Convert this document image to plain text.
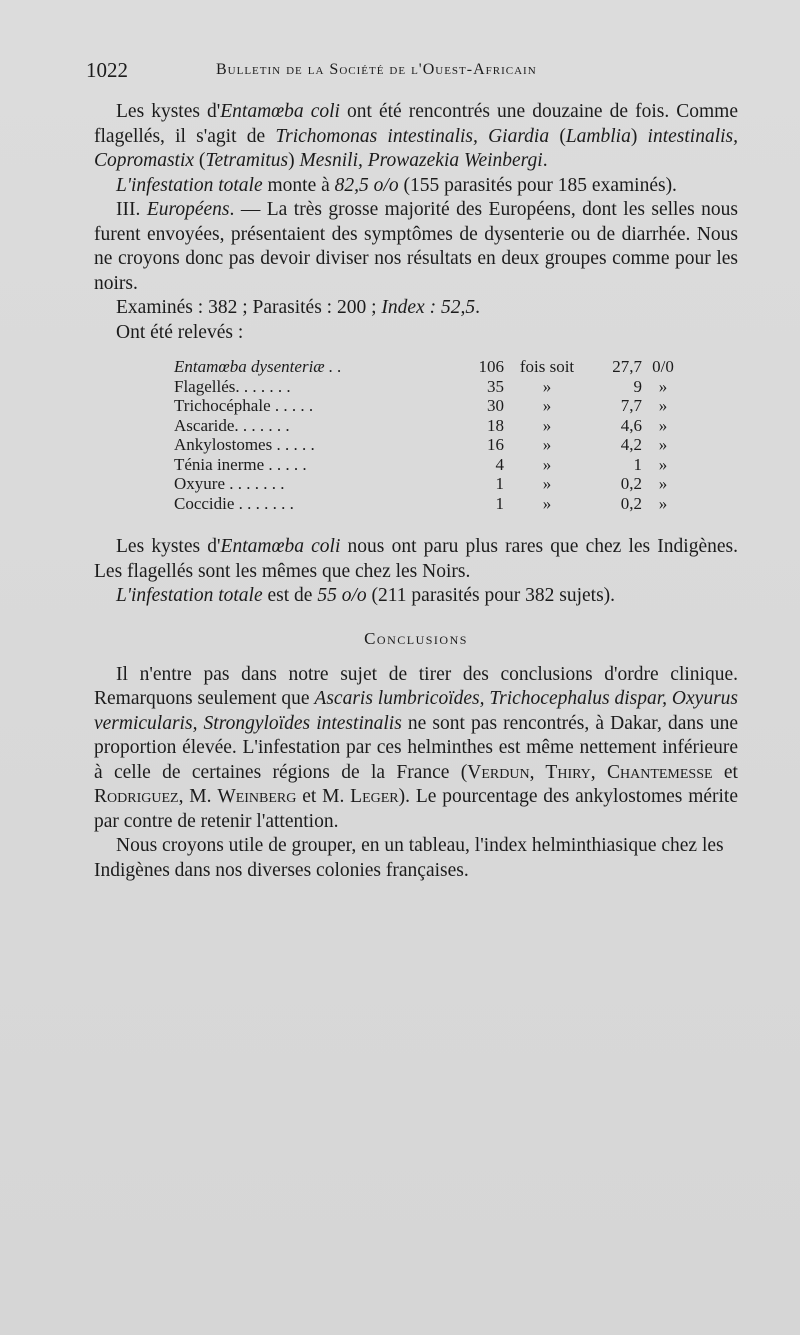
1022	Bulletin de la Société de l'Ouest-Africain

Les kystes d'Entamœba coli ont été rencontrés une douzaine de fois. Comme flagellés, il s'agit de Trichomonas intestinalis, Giardia (Lamblia) intestinalis, Copromastix (Tetramitus) Mesnili, Prowazekia Weinbergi.

L'infestation totale monte à 82,5 o/o (155 parasités pour 185 examinés).

III. Européens. — La très grosse majorité des Européens, dont les selles nous furent envoyées, présentaient des symptômes de dysenterie ou de diarrhée. Nous ne croyons donc pas devoir diviser nos résultats en deux groupes comme pour les noirs.

Examinés : 382 ; Parasités : 200 ; Index : 52,5.

Ont été relevés :

Entamœba dysenteriæ . .	106	fois soit	27,7	0/0
Flagellés. . . . . . .	35	»	9	»
Trichocéphale . . . . .	30	»	7,7	»
Ascaride. . . . . . .	18	»	4,6	»
Ankylostomes . . . . .	16	»	4,2	»
Ténia inerme . . . . .	4	»	1	»
Oxyure . . . . . . .	1	»	0,2	»
Coccidie . . . . . . .	1	»	0,2	»

Les kystes d'Entamœba coli nous ont paru plus rares que chez les Indigènes. Les flagellés sont les mêmes que chez les Noirs.

L'infestation totale est de 55 o/o (211 parasités pour 382 sujets).

Conclusions

Il n'entre pas dans notre sujet de tirer des conclusions d'ordre clinique. Remarquons seulement que Ascaris lumbricoïdes, Trichocephalus dispar, Oxyurus vermicularis, Strongyloïdes intestinalis ne sont pas rencontrés, à Dakar, dans une proportion élevée. L'infestation par ces helminthes est même nettement inférieure à celle de certaines régions de la France (Verdun, Thiry, Chantemesse et Rodriguez, M. Weinberg et M. Leger). Le pourcentage des ankylostomes mérite par contre de retenir l'attention.

Nous croyons utile de grouper, en un tableau, l'index helminthiasique chez les Indigènes dans nos diverses colonies françaises.
